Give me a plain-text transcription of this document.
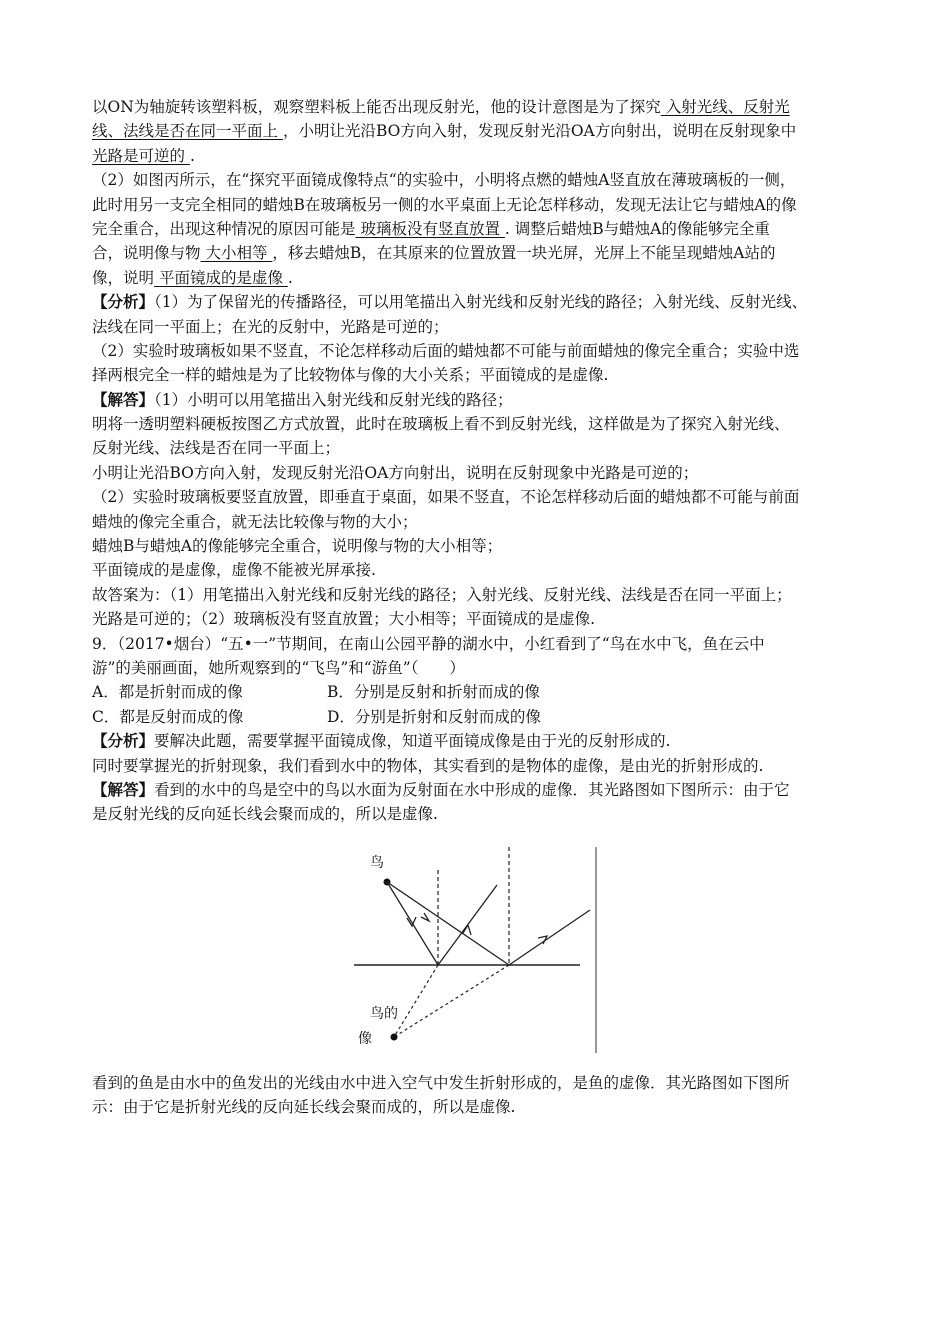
以ON为轴旋转该塑料板，观察塑料板上能否出现反射光，他的设计意图是为了探究 入射光线、反射光
线、法线是否在同一平面上 ，小明让光沿BO方向入射，发现反射光沿OA方向射出，说明在反射现象中
光路是可逆的 .
（2）如图丙所示，在“探究平面镜成像特点“的实验中，小明将点燃的蜡烛A竖直放在薄玻璃板的一侧，
此时用另一支完全相同的蜡烛B在玻璃板另一侧的水平桌面上无论怎样移动，发现无法让它与蜡烛A的像
完全重合，出现这种情况的原因可能是 玻璃板没有竖直放置 . 调整后蜡烛B与蜡烛A的像能够完全重
合，说明像与物 大小相等 ，移去蜡烛B，在其原来的位置放置一块光屏，光屏上不能呈现蜡烛A站的
像，说明 平面镜成的是虚像 .
【分析】（1）为了保留光的传播路径，可以用笔描出入射光线和反射光线的路径；入射光线、反射光线、
法线在同一平面上；在光的反射中，光路是可逆的；
（2）实验时玻璃板如果不竖直，不论怎样移动后面的蜡烛都不可能与前面蜡烛的像完全重合；实验中选
择两根完全一样的蜡烛是为了比较物体与像的大小关系；平面镜成的是虚像.
【解答】（1）小明可以用笔描出入射光线和反射光线的路径；
明将一透明塑料硬板按图乙方式放置，此时在玻璃板上看不到反射光线，这样做是为了探究入射光线、
反射光线、法线是否在同一平面上；
小明让光沿BO方向入射，发现反射光沿OA方向射出，说明在反射现象中光路是可逆的；
（2）实验时玻璃板要竖直放置，即垂直于桌面，如果不竖直，不论怎样移动后面的蜡烛都不可能与前面
蜡烛的像完全重合，就无法比较像与物的大小；
蜡烛B与蜡烛A的像能够完全重合，说明像与物的大小相等；
平面镜成的是虚像，虚像不能被光屏承接.
故答案为：（1）用笔描出入射光线和反射光线的路径；入射光线、反射光线、法线是否在同一平面上；
光路是可逆的；（2）玻璃板没有竖直放置；大小相等；平面镜成的是虚像.
9．（2017•烟台）“五•一”节期间，在南山公园平静的湖水中，小红看到了“鸟在水中飞，鱼在云中
游”的美丽画面，她所观察到的“飞鸟”和“游鱼”（　　）
A．都是折射而成的像	B．分别是反射和折射而成的像
C．都是反射而成的像	D．分别是折射和反射而成的像
【分析】要解决此题，需要掌握平面镜成像，知道平面镜成像是由于光的反射形成的.
同时要掌握光的折射现象，我们看到水中的物体，其实看到的是物体的虚像，是由光的折射形成的.
【解答】看到的水中的鸟是空中的鸟以水面为反射面在水中形成的虚像．其光路图如下图所示：由于它
是反射光线的反向延长线会聚而成的，所以是虚像.
鸟
鸟的
像
看到的鱼是由水中的鱼发出的光线由水中进入空气中发生折射形成的，是鱼的虚像．其光路图如下图所
示：由于它是折射光线的反向延长线会聚而成的，所以是虚像.
